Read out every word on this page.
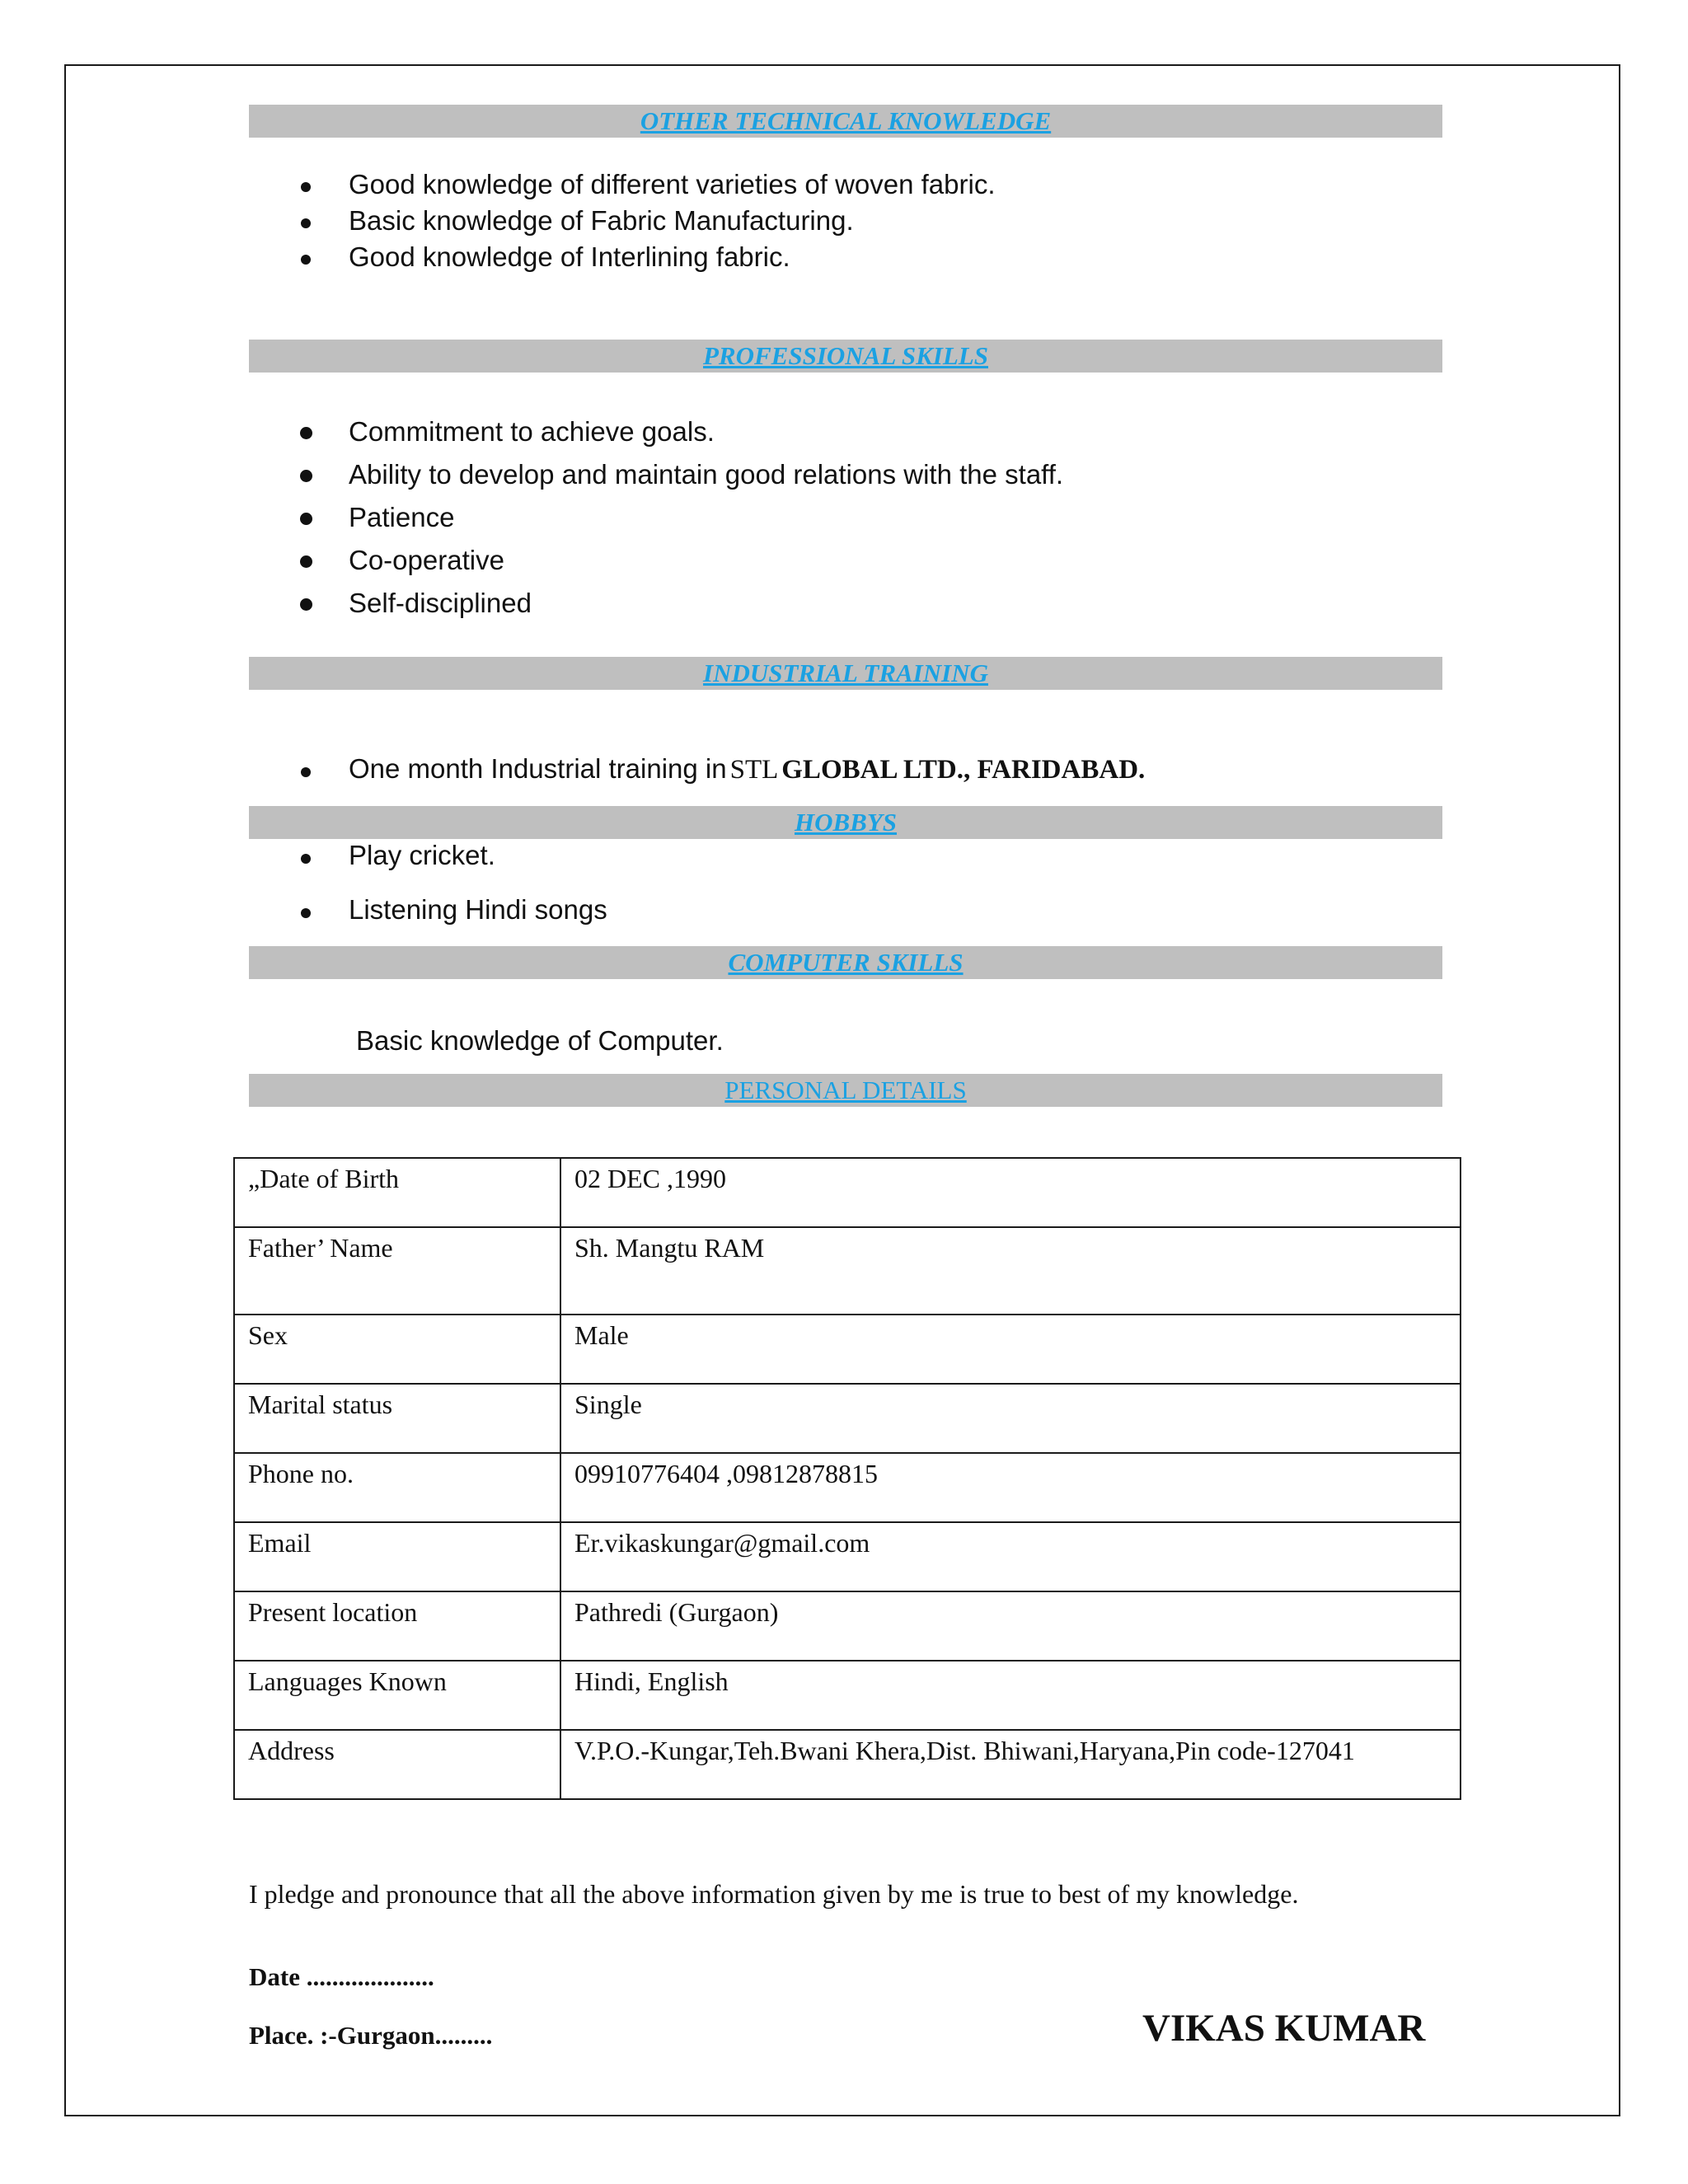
OTHER TECHNICAL KNOWLEDGE
Good knowledge of different varieties of woven fabric.
Basic knowledge of Fabric Manufacturing.
Good knowledge of Interlining fabric.
PROFESSIONAL SKILLS
Commitment to achieve goals.
Ability to develop and maintain good relations with the staff.
Patience
Co-operative
Self-disciplined
INDUSTRIAL TRAINING
One month Industrial training in STL GLOBAL LTD., FARIDABAD.
HOBBYS
Play cricket.
Listening Hindi songs
COMPUTER SKILLS
Basic knowledge of Computer.
PERSONAL DETAILS
„Date of Birth	02 DEC ,1990
Father’ Name	Sh. Mangtu RAM
Sex	Male
Marital status	Single
Phone no.	09910776404 ,09812878815
Email	Er.vikaskungar@gmail.com
Present location	Pathredi (Gurgaon)
Languages Known	Hindi, English
Address	V.P.O.-Kungar,Teh.Bwani Khera,Dist. Bhiwani,Haryana,Pin code-127041
I pledge and pronounce that all the above information given by me is true to best of my knowledge.
Date ....................
Place. :-Gurgaon.........	VIKAS KUMAR
